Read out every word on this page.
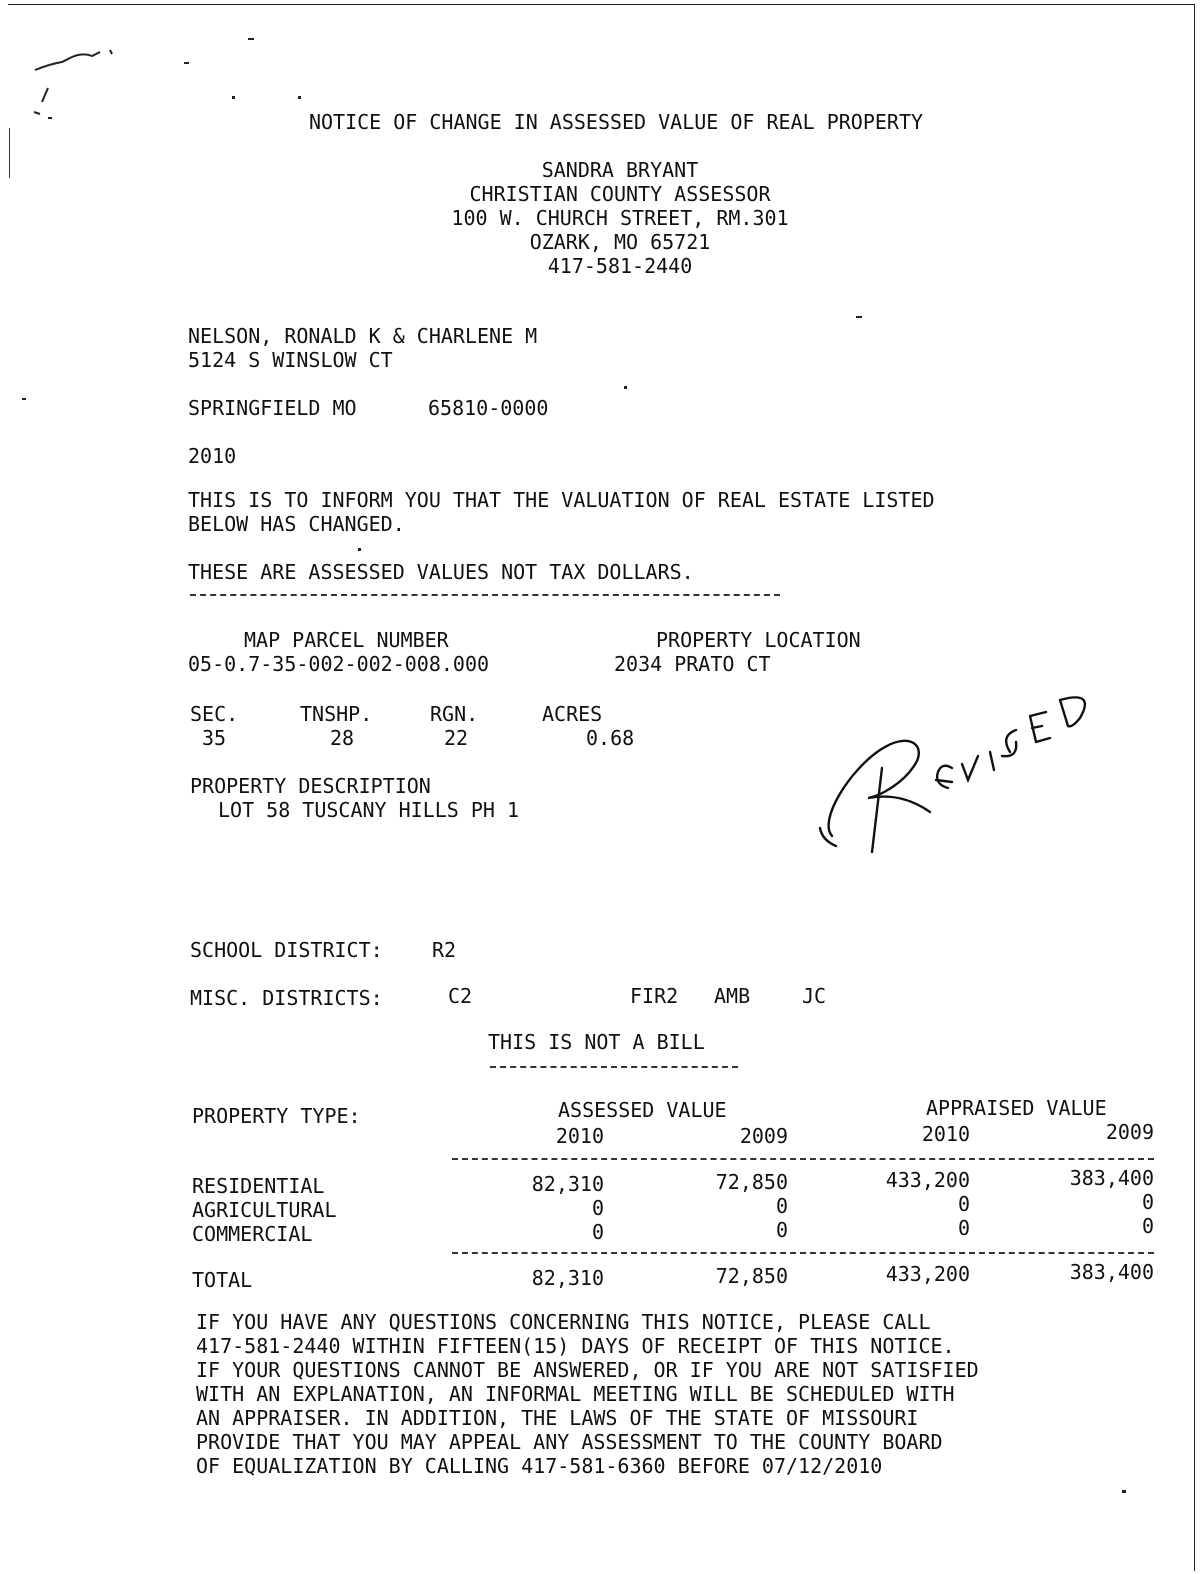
NOTICE OF CHANGE IN ASSESSED VALUE OF REAL PROPERTY
SANDRA BRYANT
CHRISTIAN COUNTY ASSESSOR
100 W. CHURCH STREET, RM.301
OZARK, MO 65721
417-581-2440
NELSON, RONALD K & CHARLENE M
5124 S WINSLOW CT
SPRINGFIELD MO	65810-0000
2010
THIS IS TO INFORM YOU THAT THE VALUATION OF REAL ESTATE LISTED
BELOW HAS CHANGED.
THESE ARE ASSESSED VALUES NOT TAX DOLLARS.
MAP PARCEL NUMBER	PROPERTY LOCATION
05-0.7-35-002-002-008.000	2034 PRATO CT
SEC.	TNSHP.	RGN.	ACRES
35	28	22	0.68
PROPERTY DESCRIPTION
LOT 58 TUSCANY HILLS PH 1
SCHOOL DISTRICT: R2
MISC. DISTRICTS:	C2	FIR2 AMB	JC
THIS IS NOT A BILL
PROPERTY TYPE:	ASSESSED VALUE	APPRAISED VALUE
2010	2009	2010	2009
RESIDENTIAL	82,310	72,850	433,200	383,400
AGRICULTURAL	0	0	0	0
COMMERCIAL	0	0	0	0
TOTAL	82,310	72,850	433,200	383,400
IF YOU HAVE ANY QUESTIONS CONCERNING THIS NOTICE, PLEASE CALL
417-581-2440 WITHIN FIFTEEN(15) DAYS OF RECEIPT OF THIS NOTICE.
IF YOUR QUESTIONS CANNOT BE ANSWERED, OR IF YOU ARE NOT SATISFIED
WITH AN EXPLANATION, AN INFORMAL MEETING WILL BE SCHEDULED WITH
AN APPRAISER. IN ADDITION, THE LAWS OF THE STATE OF MISSOURI
PROVIDE THAT YOU MAY APPEAL ANY ASSESSMENT TO THE COUNTY BOARD
OF EQUALIZATION BY CALLING 417-581-6360 BEFORE 07/12/2010
